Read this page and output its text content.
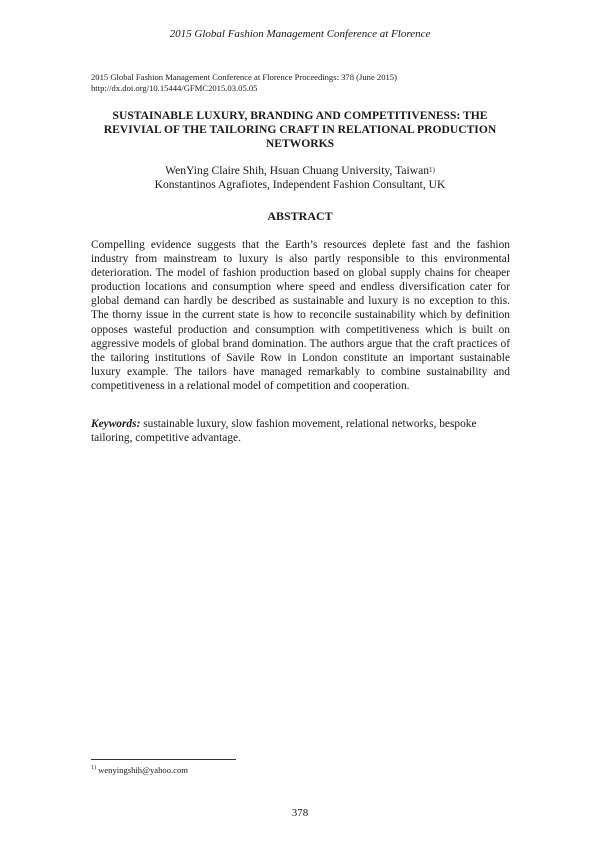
2015 Global Fashion Management Conference at Florence
2015 Global Fashion Management Conference at Florence Proceedings: 378 (June 2015)
http://dx.doi.org/10.15444/GFMC2015.03.05.05
SUSTAINABLE LUXURY, BRANDING AND COMPETITIVENESS: THE
REVIVIAL OF THE TAILORING CRAFT IN RELATIONAL PRODUCTION
NETWORKS
WenYing Claire Shih, Hsuan Chuang University, Taiwan$^{1)}$
Konstantinos Agrafiotes, Independent Fashion Consultant, UK
ABSTRACT

Compelling evidence suggests that the Earth’s resources deplete fast and the fashion industry from mainstream to luxury is also partly responsible to this environmental deterioration. The model of fashion production based on global supply chains for cheaper production locations and consumption where speed and endless diversification cater for global demand can hardly be described as sustainable and luxury is no exception to this. The thorny issue in the current state is how to reconcile sustainability which by definition opposes wasteful production and consumption with competitiveness which is built on aggressive models of global brand domination. The authors argue that the craft practices of the tailoring institutions of Savile Row in London constitute an important sustainable luxury example. The tailors have managed remarkably to combine sustainability and competitiveness in a relational model of competition and cooperation.

Keywords: sustainable luxury, slow fashion movement, relational networks, bespoke tailoring, competitive advantage.

$^{1)}$ wenyingshih@yahoo.com
378
